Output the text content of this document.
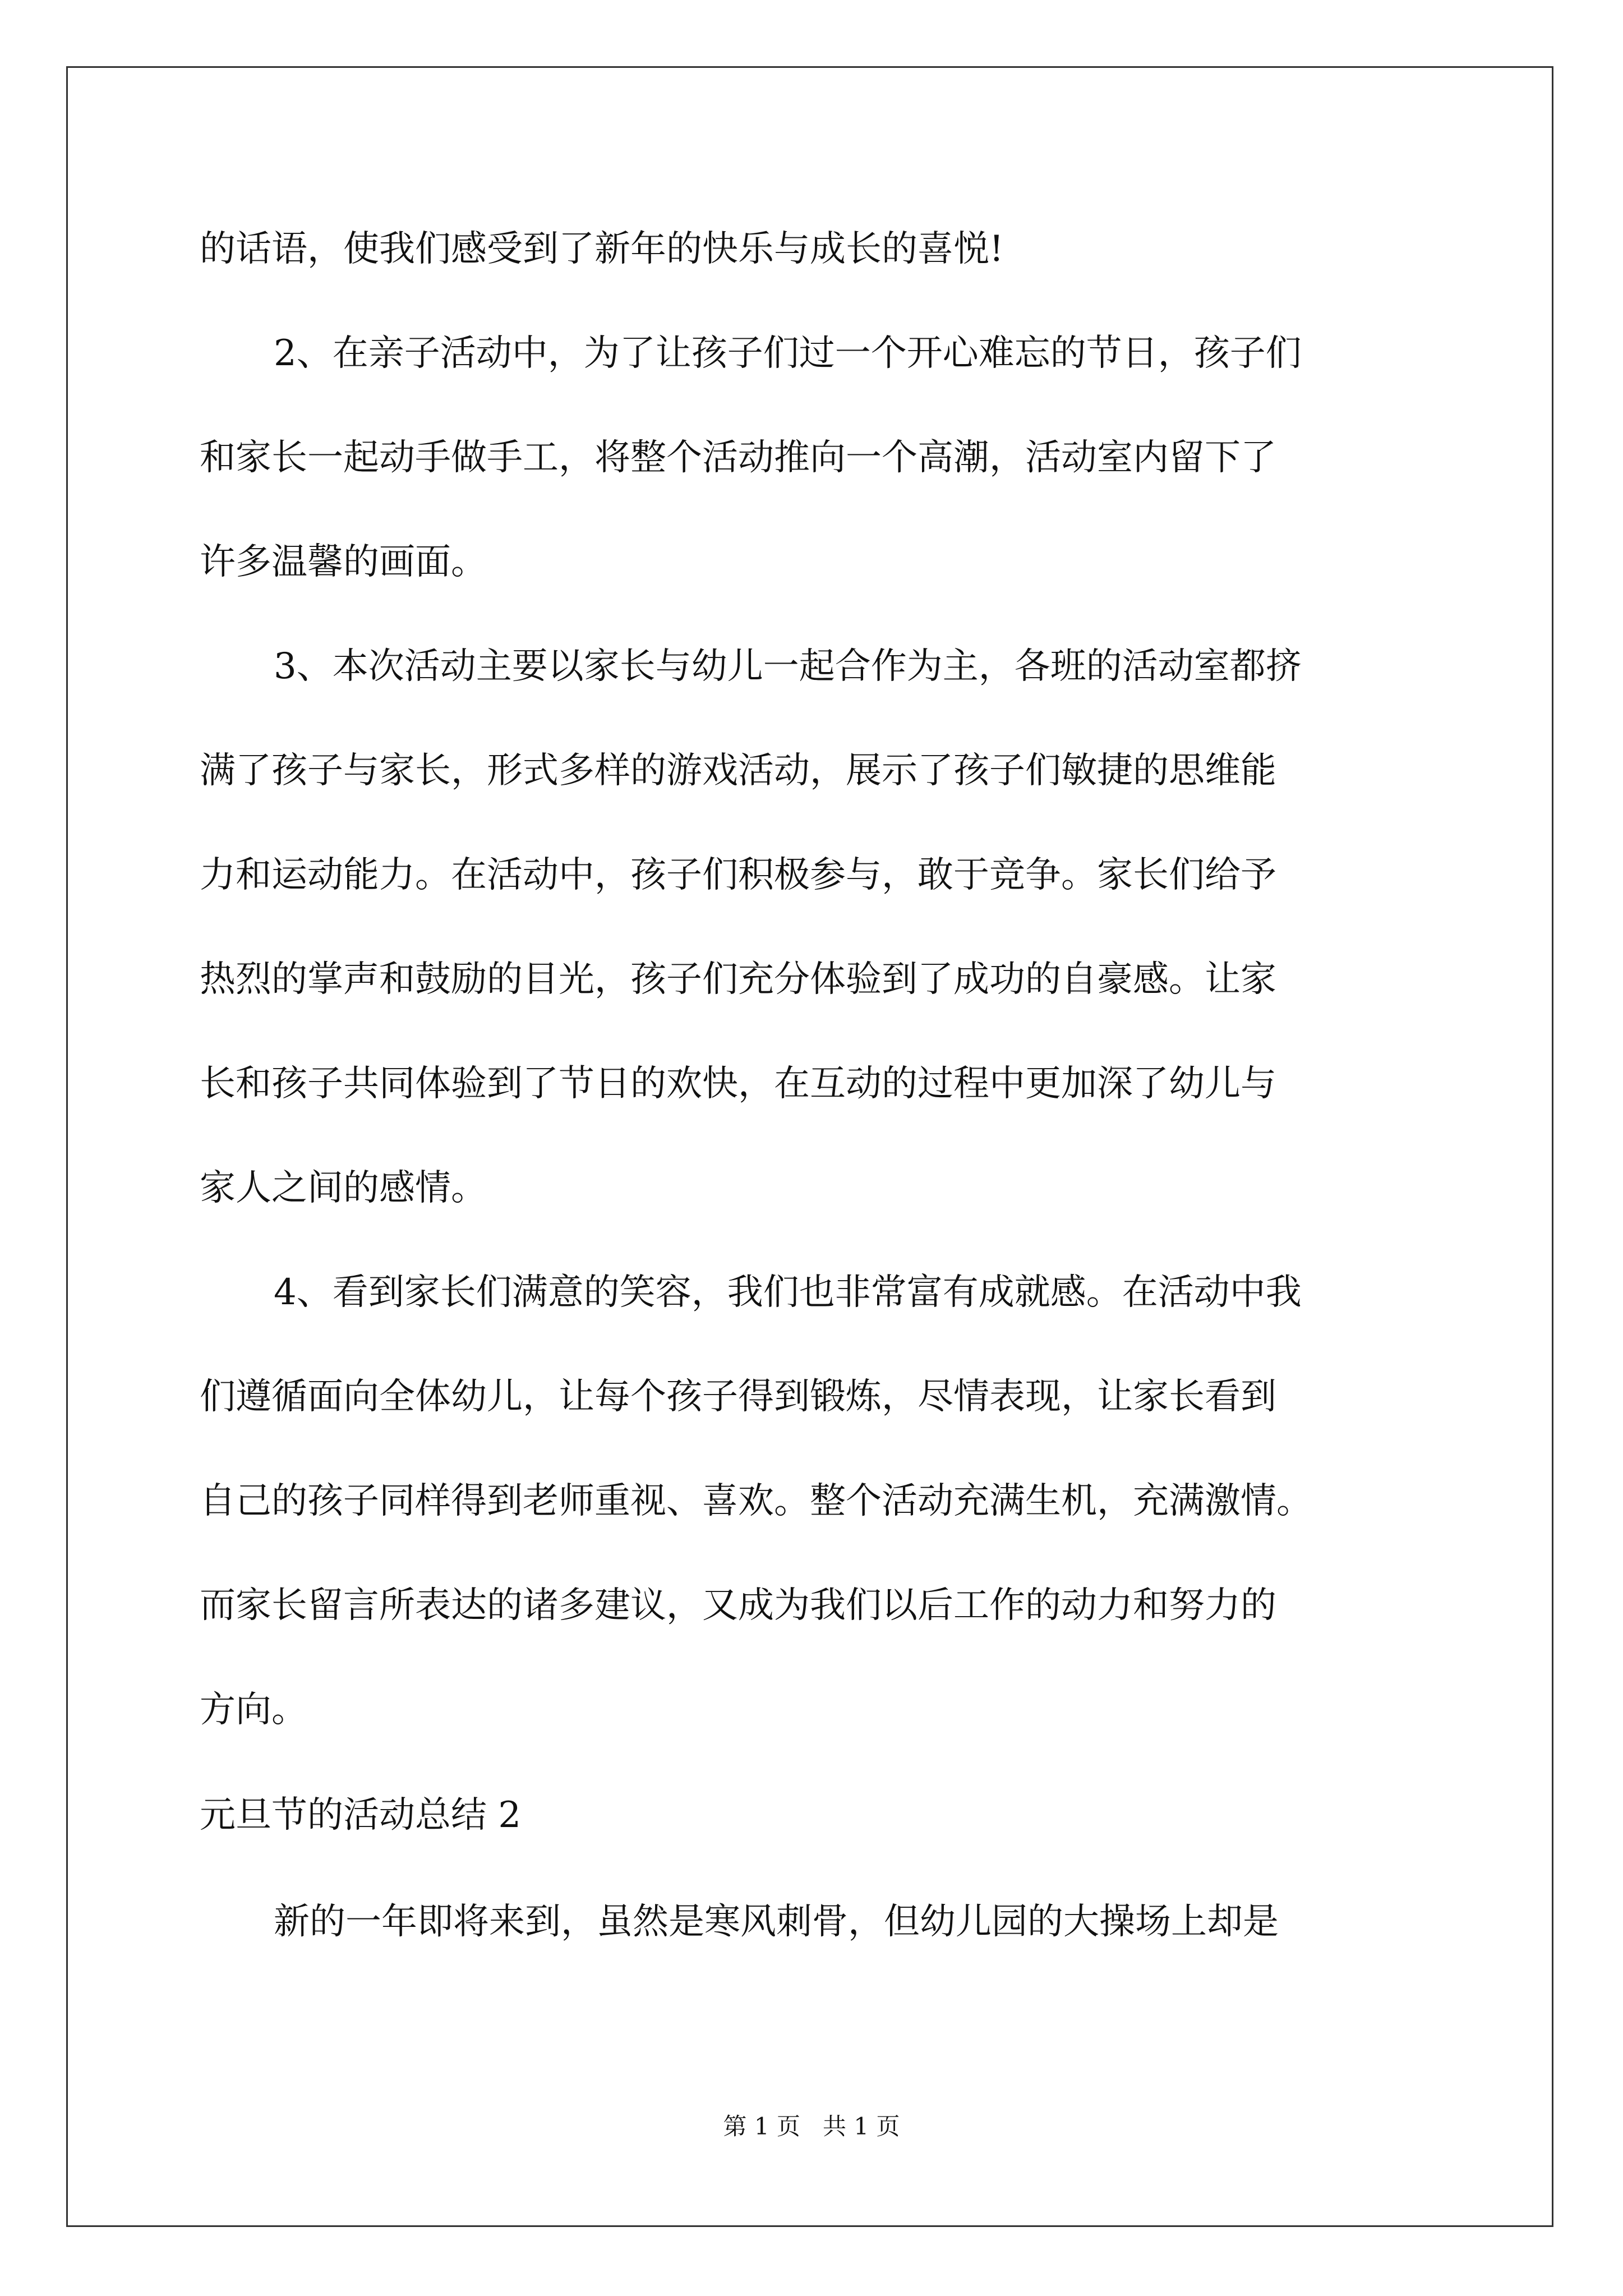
的话语，使我们感受到了新年的快乐与成长的喜悦!
2、在亲子活动中，为了让孩子们过一个开心难忘的节日，孩子们
和家长一起动手做手工，将整个活动推向一个高潮，活动室内留下了
许多温馨的画面。
3、本次活动主要以家长与幼儿一起合作为主，各班的活动室都挤
满了孩子与家长，形式多样的游戏活动，展示了孩子们敏捷的思维能
力和运动能力。在活动中，孩子们积极参与，敢于竞争。家长们给予
热烈的掌声和鼓励的目光，孩子们充分体验到了成功的自豪感。让家
长和孩子共同体验到了节日的欢快，在互动的过程中更加深了幼儿与
家人之间的感情。
4、看到家长们满意的笑容，我们也非常富有成就感。在活动中我
们遵循面向全体幼儿，让每个孩子得到锻炼，尽情表现，让家长看到
自己的孩子同样得到老师重视、喜欢。整个活动充满生机，充满激情。
而家长留言所表达的诸多建议，又成为我们以后工作的动力和努力的
方向。
元旦节的活动总结 2
新的一年即将来到，虽然是寒风刺骨，但幼儿园的大操场上却是
第 1 页   共 1 页
